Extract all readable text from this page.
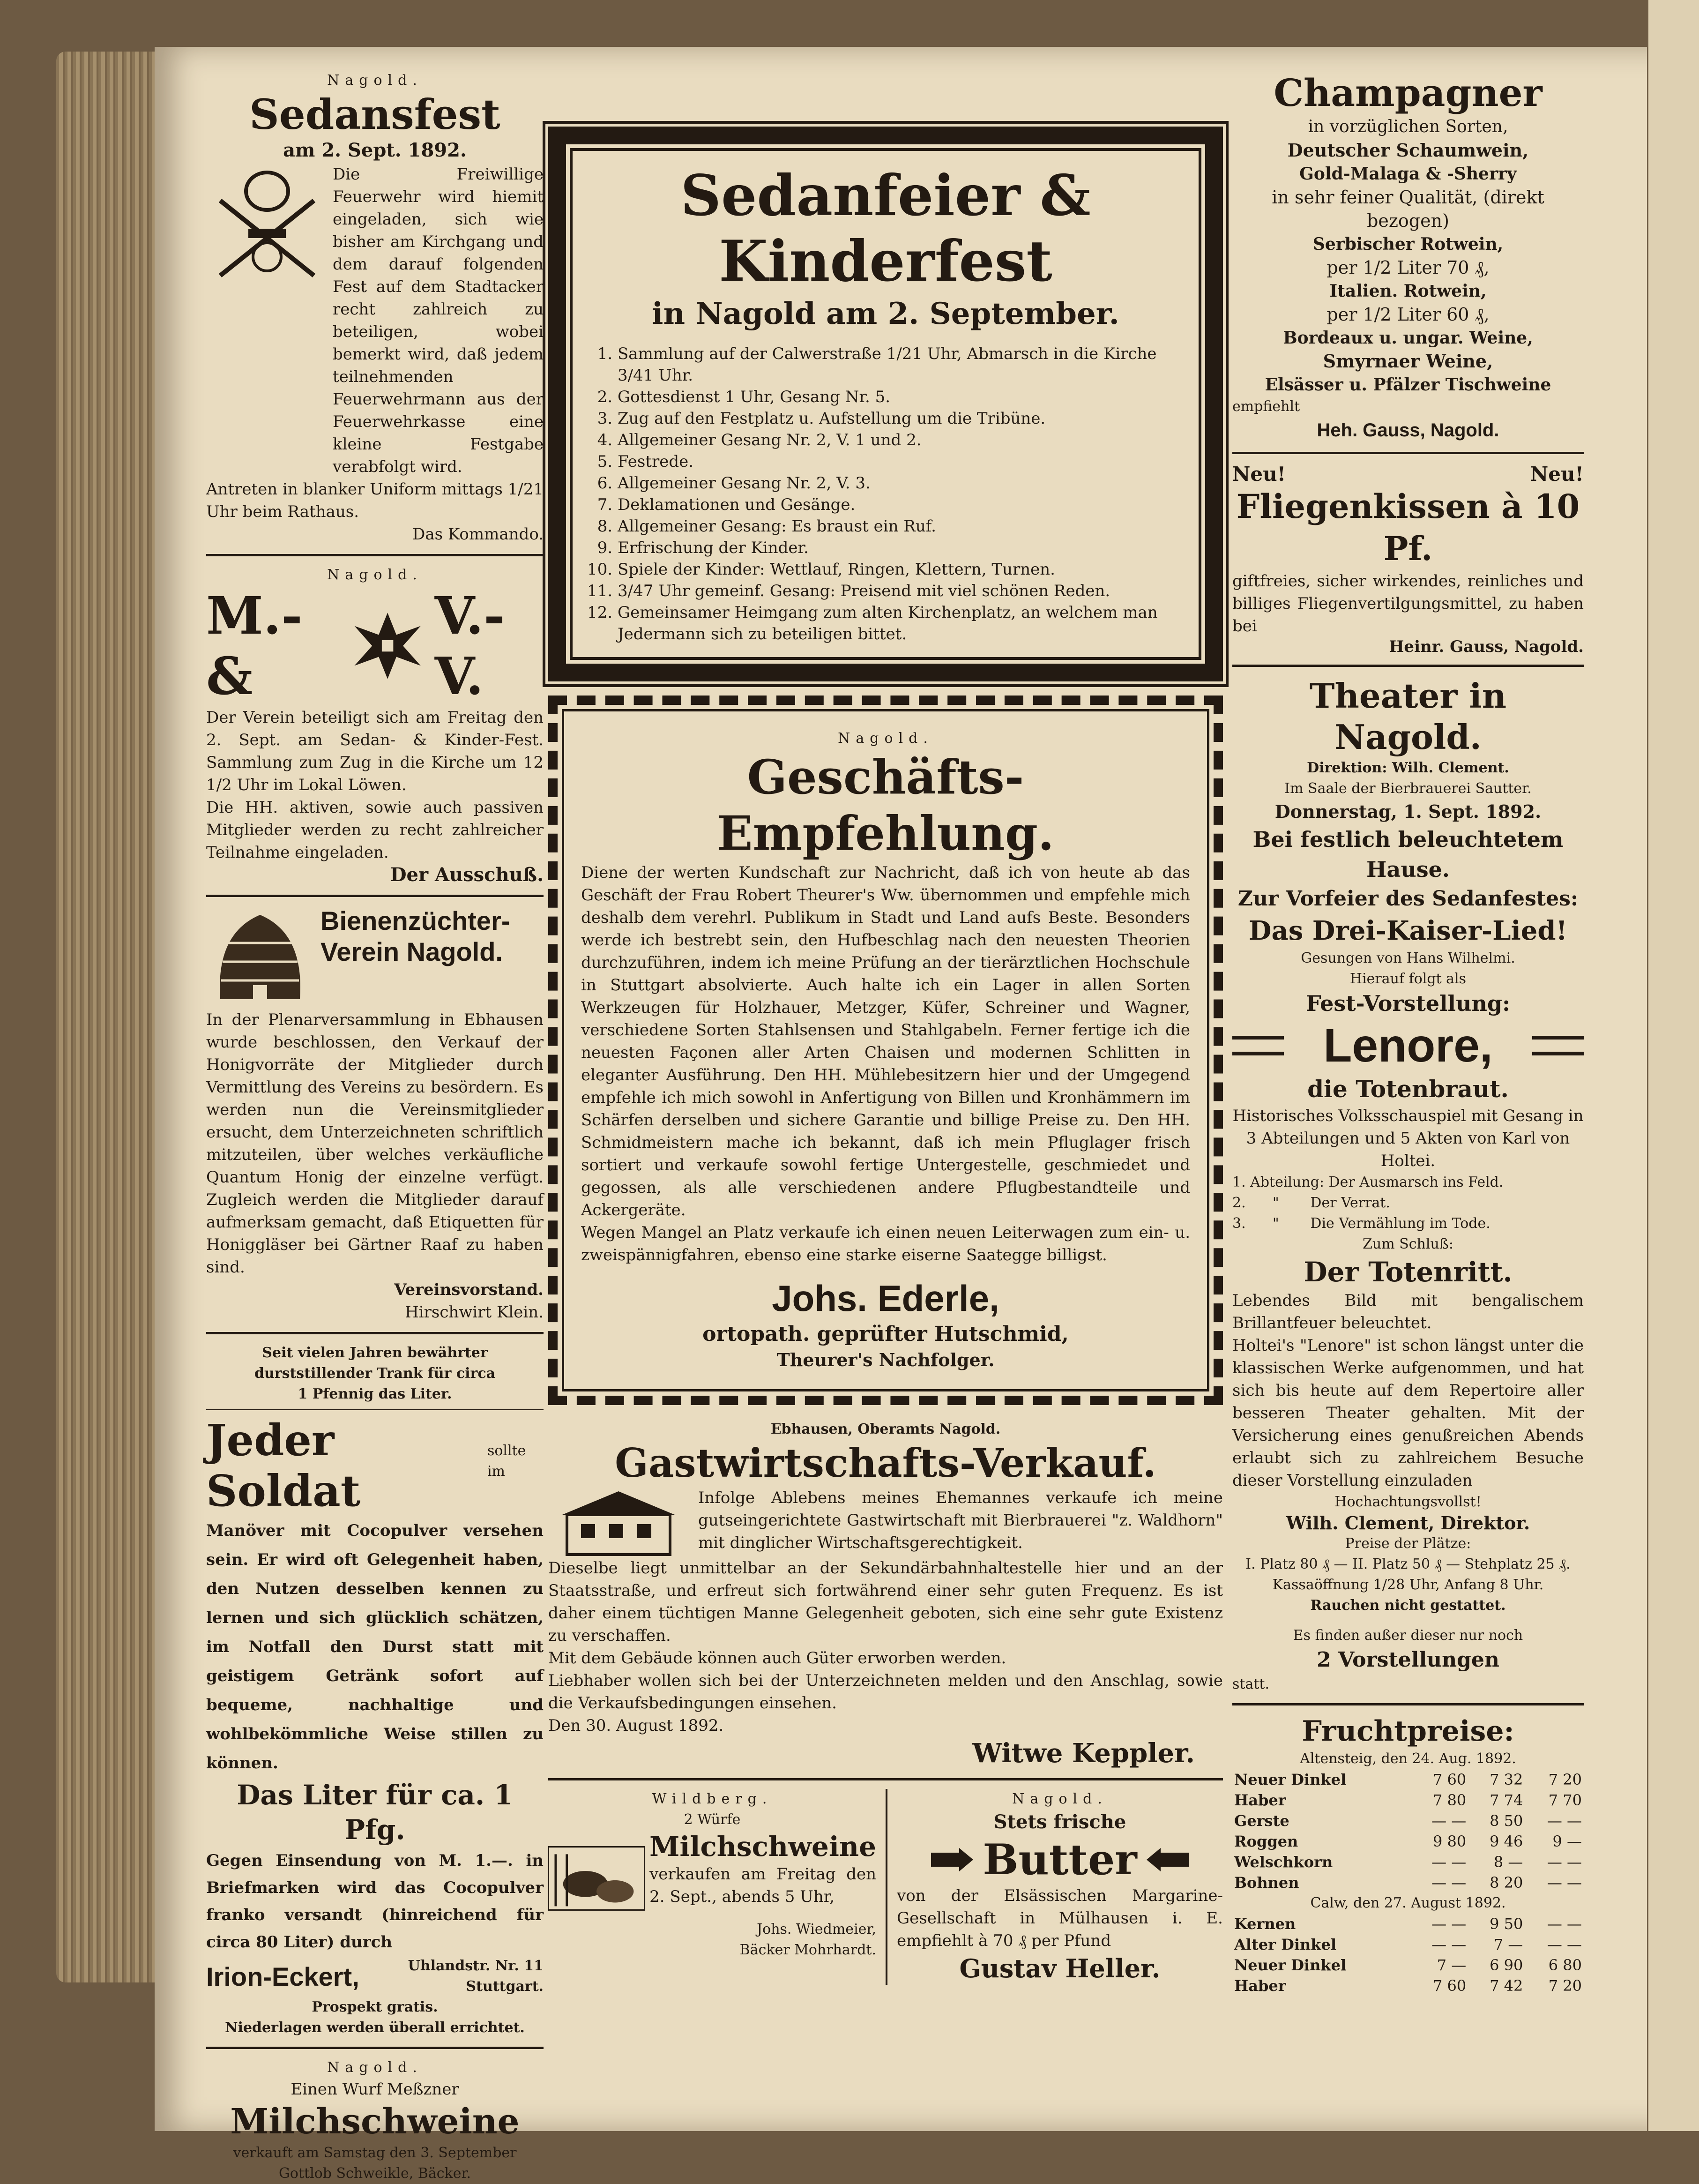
Nagold.

Sedansfest

am 2. Sept. 1892.

Die Freiwillige Feuerwehr wird hiemit eingeladen, sich wie bisher am Kirchgang und dem darauf folgenden Fest auf dem Stadtacker recht zahlreich zu beteiligen, wobei bemerkt wird, daß jedem teilnehmenden Feuerwehrmann aus der Feuerwehrkasse eine kleine Festgabe verabfolgt wird.

Antreten in blanker Uniform mittags 1/21 Uhr beim Rathaus.

Das Kommando.

Nagold.

M.-&
V.-V.

Der Verein beteiligt sich am Freitag den 2. Sept. am Sedan- & Kinder-Fest. Sammlung zum Zug in die Kirche um 12 1/2 Uhr im Lokal Löwen.

Die HH. aktiven, sowie auch passiven Mitglieder werden zu recht zahlreicher Teilnahme eingeladen.

Der Ausschuß.

Bienenzüchter-

Verein Nagold.

In der Plenarversammlung in Ebhausen wurde beschlossen, den Verkauf der Honigvorräte der Mitglieder durch Vermittlung des Vereins zu besördern. Es werden nun die Vereinsmitglieder ersucht, dem Unterzeichneten schriftlich mitzuteilen, über welches verkäufliche Quantum Honig der einzelne verfügt. Zugleich werden die Mitglieder darauf aufmerksam gemacht, daß Etiquetten für Honiggläser bei Gärtner Raaf zu haben sind.

Vereinsvorstand.

Hirschwirt Klein.

Seit vielen Jahren bewährter

durststillender Trank für circa

1 Pfennig das Liter.

Jeder Soldat
sollte im

Manöver mit Cocopulver versehen sein. Er wird oft Gelegenheit haben, den Nutzen desselben kennen zu lernen und sich glücklich schätzen, im Notfall den Durst statt mit geistigem Getränk sofort auf bequeme, nachhaltige und wohlbekömmliche Weise stillen zu können.

Das Liter für ca. 1 Pfg.

Gegen Einsendung von M. 1.—. in Briefmarken wird das Cocopulver franko versandt (hinreichend für circa 80 Liter) durch

Irion-Eckert,	Uhlandstr. Nr. 11
Stuttgart.

Prospekt gratis.

Niederlagen werden überall errichtet.

Nagold.

Einen Wurf Meßzner

Milchschweine

verkauft am Samstag den 3. September

Gottlob Schweikle, Bäcker.

Sedanfeier & Kinderfest

in Nagold am 2. September.

1. Sammlung auf der Calwerstraße 1/21 Uhr, Abmarsch in die Kirche 3/41 Uhr.
2. Gottesdienst 1 Uhr, Gesang Nr. 5.
3. Zug auf den Festplatz u. Aufstellung um die Tribüne.
4. Allgemeiner Gesang Nr. 2, V. 1 und 2.
5. Festrede.
6. Allgemeiner Gesang Nr. 2, V. 3.
7. Deklamationen und Gesänge.
8. Allgemeiner Gesang: Es braust ein Ruf.
9. Erfrischung der Kinder.
10. Spiele der Kinder: Wettlauf, Ringen, Klettern, Turnen.
11. 3/47 Uhr gemeinf. Gesang: Preisend mit viel schönen Reden.
12. Gemeinsamer Heimgang zum alten Kirchenplatz, an welchem man Jedermann sich zu beteiligen bittet.

Nagold.

Geschäfts-Empfehlung.

Diene der werten Kundschaft zur Nachricht, daß ich von heute ab das Geschäft der Frau Robert Theurer's Ww. übernommen und empfehle mich deshalb dem verehrl. Publikum in Stadt und Land aufs Beste. Besonders werde ich bestrebt sein, den Hufbeschlag nach den neuesten Theorien durchzuführen, indem ich meine Prüfung an der tierärztlichen Hochschule in Stuttgart absolvierte. Auch halte ich ein Lager in allen Sorten Werkzeugen für Holzhauer, Metzger, Küfer, Schreiner und Wagner, verschiedene Sorten Stahlsensen und Stahlgabeln. Ferner fertige ich die neuesten Façonen aller Arten Chaisen und modernen Schlitten in eleganter Ausführung. Den HH. Mühlebesitzern hier und der Umgegend empfehle ich mich sowohl in Anfertigung von Billen und Kronhämmern im Schärfen derselben und sichere Garantie und billige Preise zu. Den HH. Schmidmeistern mache ich bekannt, daß ich mein Pfluglager frisch sortiert und verkaufe sowohl fertige Untergestelle, geschmiedet und gegossen, als alle verschiedenen andere Pflugbestandteile und Ackergeräte.

Wegen Mangel an Platz verkaufe ich einen neuen Leiterwagen zum ein- u. zweispännigfahren, ebenso eine starke eiserne Saategge billigst.

Johs. Ederle,

ortopath. geprüfter Hutschmid,

Theurer's Nachfolger.

Ebhausen, Oberamts Nagold.

Gastwirtschafts-Verkauf.

Infolge Ablebens meines Ehemannes verkaufe ich meine gutseingerichtete Gastwirtschaft mit Bierbrauerei "z. Waldhorn" mit dinglicher Wirtschaftsgerechtigkeit.

Dieselbe liegt unmittelbar an der Sekundärbahnhaltestelle hier und an der Staatsstraße, und erfreut sich fortwährend einer sehr guten Frequenz. Es ist daher einem tüchtigen Manne Gelegenheit geboten, sich eine sehr gute Existenz zu verschaffen.

Mit dem Gebäude können auch Güter erworben werden.

Liebhaber wollen sich bei der Unterzeichneten melden und den Anschlag, sowie die Verkaufsbedingungen einsehen.

Den 30. August 1892.

Witwe Keppler.

Wildberg.

2 Würfe

Milchschweine

verkaufen am Freitag den 2. Sept., abends 5 Uhr,

Johs. Wiedmeier,

Bäcker Mohrhardt.

Nagold.

Stets frische

Butter

von der Elsässischen Margarine-Gesellschaft in Mülhausen i. E. empfiehlt à 70 ₰ per Pfund

Gustav Heller.

Champagner

in vorzüglichen Sorten,

Deutscher Schaumwein,

Gold-Malaga & -Sherry

in sehr feiner Qualität, (direkt bezogen)

Serbischer Rotwein,

per 1/2 Liter 70 ₰,

Italien. Rotwein,

per 1/2 Liter 60 ₰,

Bordeaux u. ungar. Weine,

Smyrnaer Weine,

Elsässer u. Pfälzer Tischweine

empfiehlt

Heh. Gauss, Nagold.

Neu!	Neu!

Fliegenkissen à 10 Pf.

giftfreies, sicher wirkendes, reinliches und billiges Fliegenvertilgungsmittel, zu haben bei

Heinr. Gauss, Nagold.

Theater in Nagold.

Direktion: Wilh. Clement.

Im Saale der Bierbrauerei Sautter.

Donnerstag, 1. Sept. 1892.

Bei festlich beleuchtetem Hause.

Zur Vorfeier des Sedanfestes:

Das Drei-Kaiser-Lied!

Gesungen von Hans Wilhelmi.

Hierauf folgt als

Fest-Vorstellung:

Lenore,

die Totenbraut.

Historisches Volksschauspiel mit Gesang in 3 Abteilungen und 5 Akten von Karl von Holtei.

1. Abteilung: Der Ausmarsch ins Feld.

2.      "       Der Verrat.

3.      "       Die Vermählung im Tode.

Zum Schluß:

Der Totenritt.

Lebendes Bild mit bengalischem Brillantfeuer beleuchtet.

Holtei's "Lenore" ist schon längst unter die klassischen Werke aufgenommen, und hat sich bis heute auf dem Repertoire aller besseren Theater gehalten. Mit der Versicherung eines genußreichen Abends erlaubt sich zu zahlreichem Besuche dieser Vorstellung einzuladen

Hochachtungsvollst!

Wilh. Clement, Direktor.

Preise der Plätze:

I. Platz 80 ₰ — II. Platz 50 ₰ — Stehplatz 25 ₰.

Kassaöffnung 1/28 Uhr, Anfang 8 Uhr.

Rauchen nicht gestattet.

Es finden außer dieser nur noch

2 Vorstellungen

statt.

Fruchtpreise:

Altensteig, den 24. Aug. 1892.

Neuer Dinkel	7 60	7 32	7 20
Haber	7 80	7 74	7 70
Gerste	— —	8 50	— —
Roggen	9 80	9 46	9 —
Welschkorn	— —	8 —	— —
Bohnen	— —	8 20	— —

Calw, den 27. August 1892.

Kernen	— —	9 50	— —
Alter Dinkel	— —	7 —	— —
Neuer Dinkel	7 —	6 90	6 80
Haber	7 60	7 42	7 20
